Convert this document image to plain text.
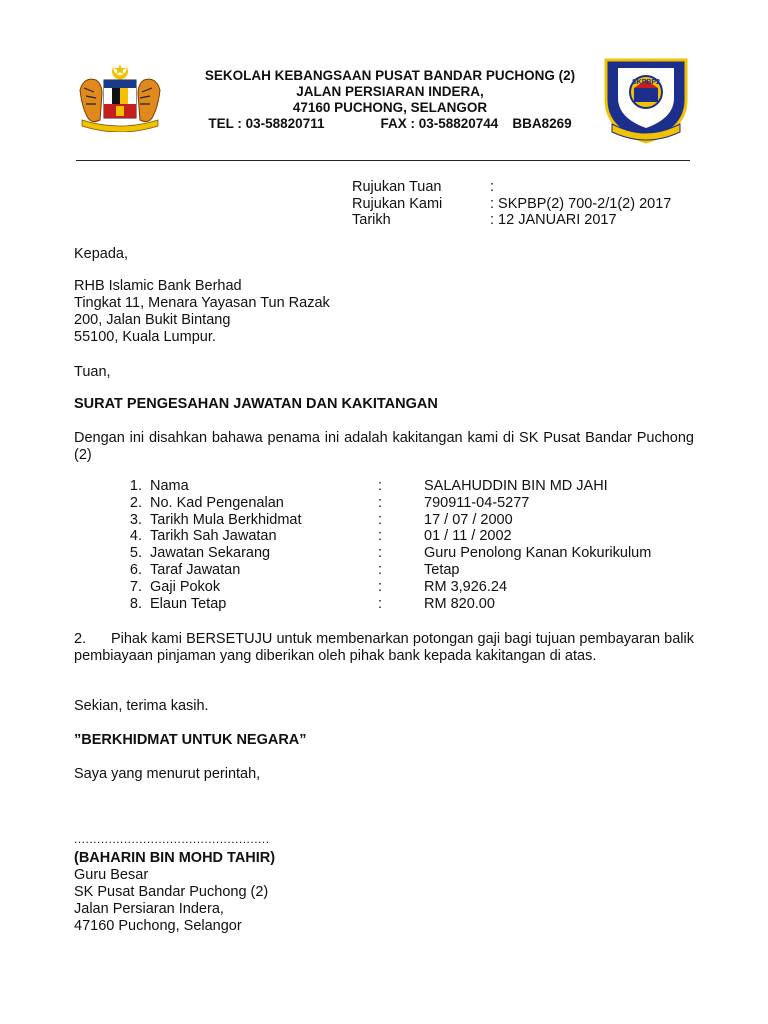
SEKOLAH KEBANGSAAN PUSAT BANDAR PUCHONG (2)
JALAN PERSIARAN INDERA,
47160 PUCHONG, SELANGOR
TEL : 03-58820711	FAX : 03-58820744 BBA8269
SKPBP2
Rujukan Tuan	:
Rujukan Kami	: SKPBP(2) 700-2/1(2) 2017
Tarikh	: 12 JANUARI 2017
Kepada,
RHB Islamic Bank Berhad
Tingkat 11, Menara Yayasan Tun Razak
200, Jalan Bukit Bintang
55100, Kuala Lumpur.
Tuan,
SURAT PENGESAHAN JAWATAN DAN KAKITANGAN
Dengan ini disahkan bahawa penama ini adalah kakitangan kami di SK Pusat Bandar Puchong (2)
1. Nama	:	SALAHUDDIN BIN MD JAHI
2. No. Kad Pengenalan	:	790911-04-5277
3. Tarikh Mula Berkhidmat	:	17 / 07 / 2000
4. Tarikh Sah Jawatan	:	01 / 11 / 2002
5. Jawatan Sekarang	:	Guru Penolong Kanan Kokurikulum
6. Taraf Jawatan	:	Tetap
7. Gaji Pokok	:	RM 3,926.24
8. Elaun Tetap	:	RM 820.00
2.      Pihak kami BERSETUJU untuk membenarkan potongan gaji bagi tujuan pembayaran balik pembiayaan pinjaman yang diberikan oleh pihak bank kepada kakitangan di atas.
Sekian, terima kasih.
”BERKHIDMAT UNTUK NEGARA”
Saya yang menurut perintah,
...................................................
(BAHARIN BIN MOHD TAHIR)
Guru Besar
SK Pusat Bandar Puchong (2)
Jalan Persiaran Indera,
47160 Puchong, Selangor
